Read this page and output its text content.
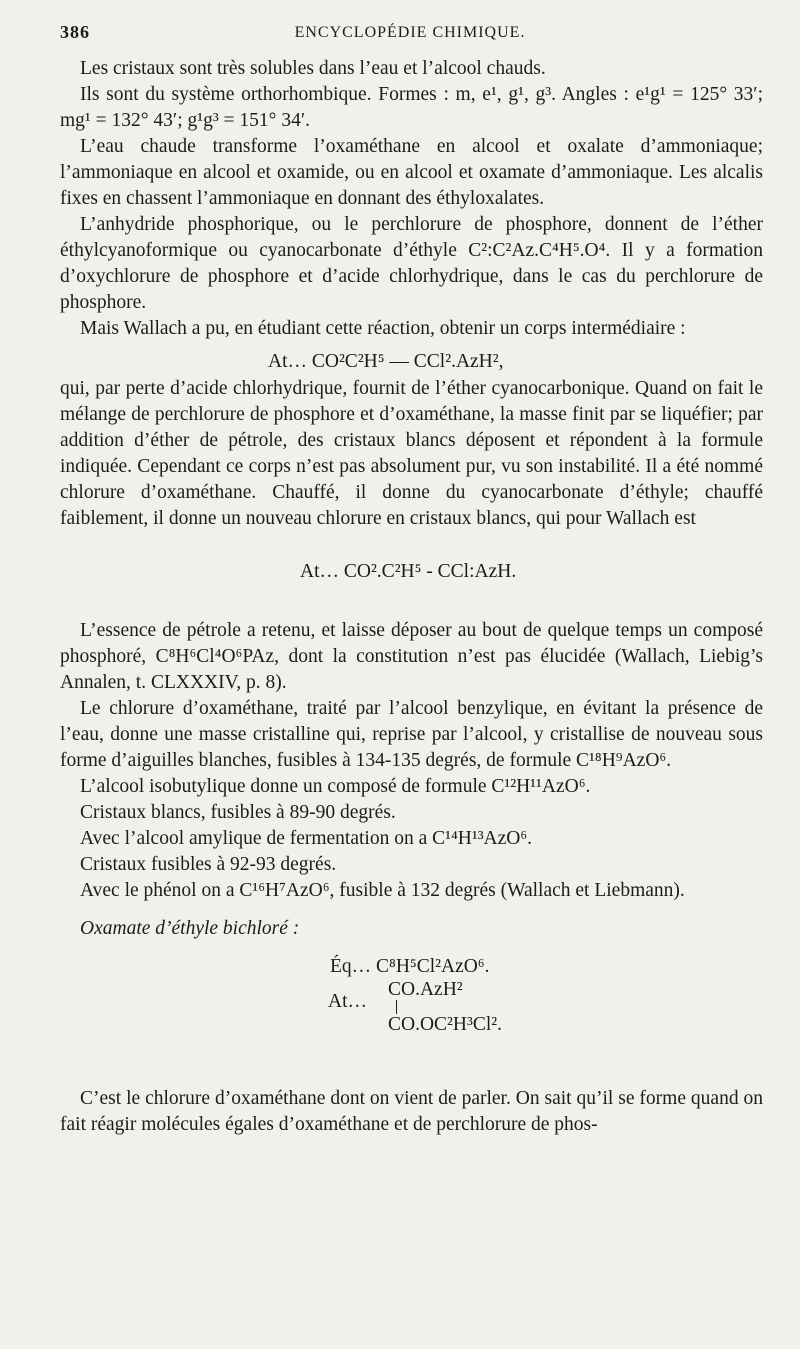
386	ENCYCLOPÉDIE CHIMIQUE.

Les cristaux sont très solubles dans l’eau et l’alcool chauds.

Ils sont du système orthorhombique. Formes : m, e¹, g¹, g³. Angles : e¹g¹ = 125° 33′; mg¹ = 132° 43′; g¹g³ = 151° 34′.

L’eau chaude transforme l’oxaméthane en alcool et oxalate d’ammoniaque; l’ammoniaque en alcool et oxamide, ou en alcool et oxamate d’ammoniaque. Les alcalis fixes en chassent l’ammoniaque en donnant des éthyloxalates.

L’anhydride phosphorique, ou le perchlorure de phosphore, donnent de l’éther éthylcyanoformique ou cyanocarbonate d’éthyle C²:C²Az.C⁴H⁵.O⁴. Il y a formation d’oxychlorure de phosphore et d’acide chlorhydrique, dans le cas du perchlorure de phosphore.

Mais Wallach a pu, en étudiant cette réaction, obtenir un corps intermédiaire :

At… CO²C²H⁵ — CCl².AzH²,

qui, par perte d’acide chlorhydrique, fournit de l’éther cyanocarbonique. Quand on fait le mélange de perchlorure de phosphore et d’oxaméthane, la masse finit par se liquéfier; par addition d’éther de pétrole, des cristaux blancs déposent et répondent à la formule indiquée. Cependant ce corps n’est pas absolument pur, vu son instabilité. Il a été nommé chlorure d’oxaméthane. Chauffé, il donne du cyanocarbonate d’éthyle; chauffé faiblement, il donne un nouveau chlorure en cristaux blancs, qui pour Wallach est

At… CO².C²H⁵ - CCl:AzH.

L’essence de pétrole a retenu, et laisse déposer au bout de quelque temps un composé phosphoré, C⁸H⁶Cl⁴O⁶PAz, dont la constitution n’est pas élucidée (Wallach, Liebig’s Annalen, t. CLXXXIV, p. 8).

Le chlorure d’oxaméthane, traité par l’alcool benzylique, en évitant la présence de l’eau, donne une masse cristalline qui, reprise par l’alcool, y cristallise de nouveau sous forme d’aiguilles blanches, fusibles à 134-135 degrés, de formule C¹⁸H⁹AzO⁶.

L’alcool isobutylique donne un composé de formule C¹²H¹¹AzO⁶.

Cristaux blancs, fusibles à 89-90 degrés.

Avec l’alcool amylique de fermentation on a C¹⁴H¹³AzO⁶.

Cristaux fusibles à 92-93 degrés.

Avec le phénol on a C¹⁶H⁷AzO⁶, fusible à 132 degrés (Wallach et Liebmann).

Oxamate d’éthyle bichloré :

Éq… C⁸H⁵Cl²AzO⁶.
CO.AzH²
At…
CO.OC²H³Cl².

C’est le chlorure d’oxaméthane dont on vient de parler. On sait qu’il se forme quand on fait réagir molécules égales d’oxaméthane et de perchlorure de phos-
